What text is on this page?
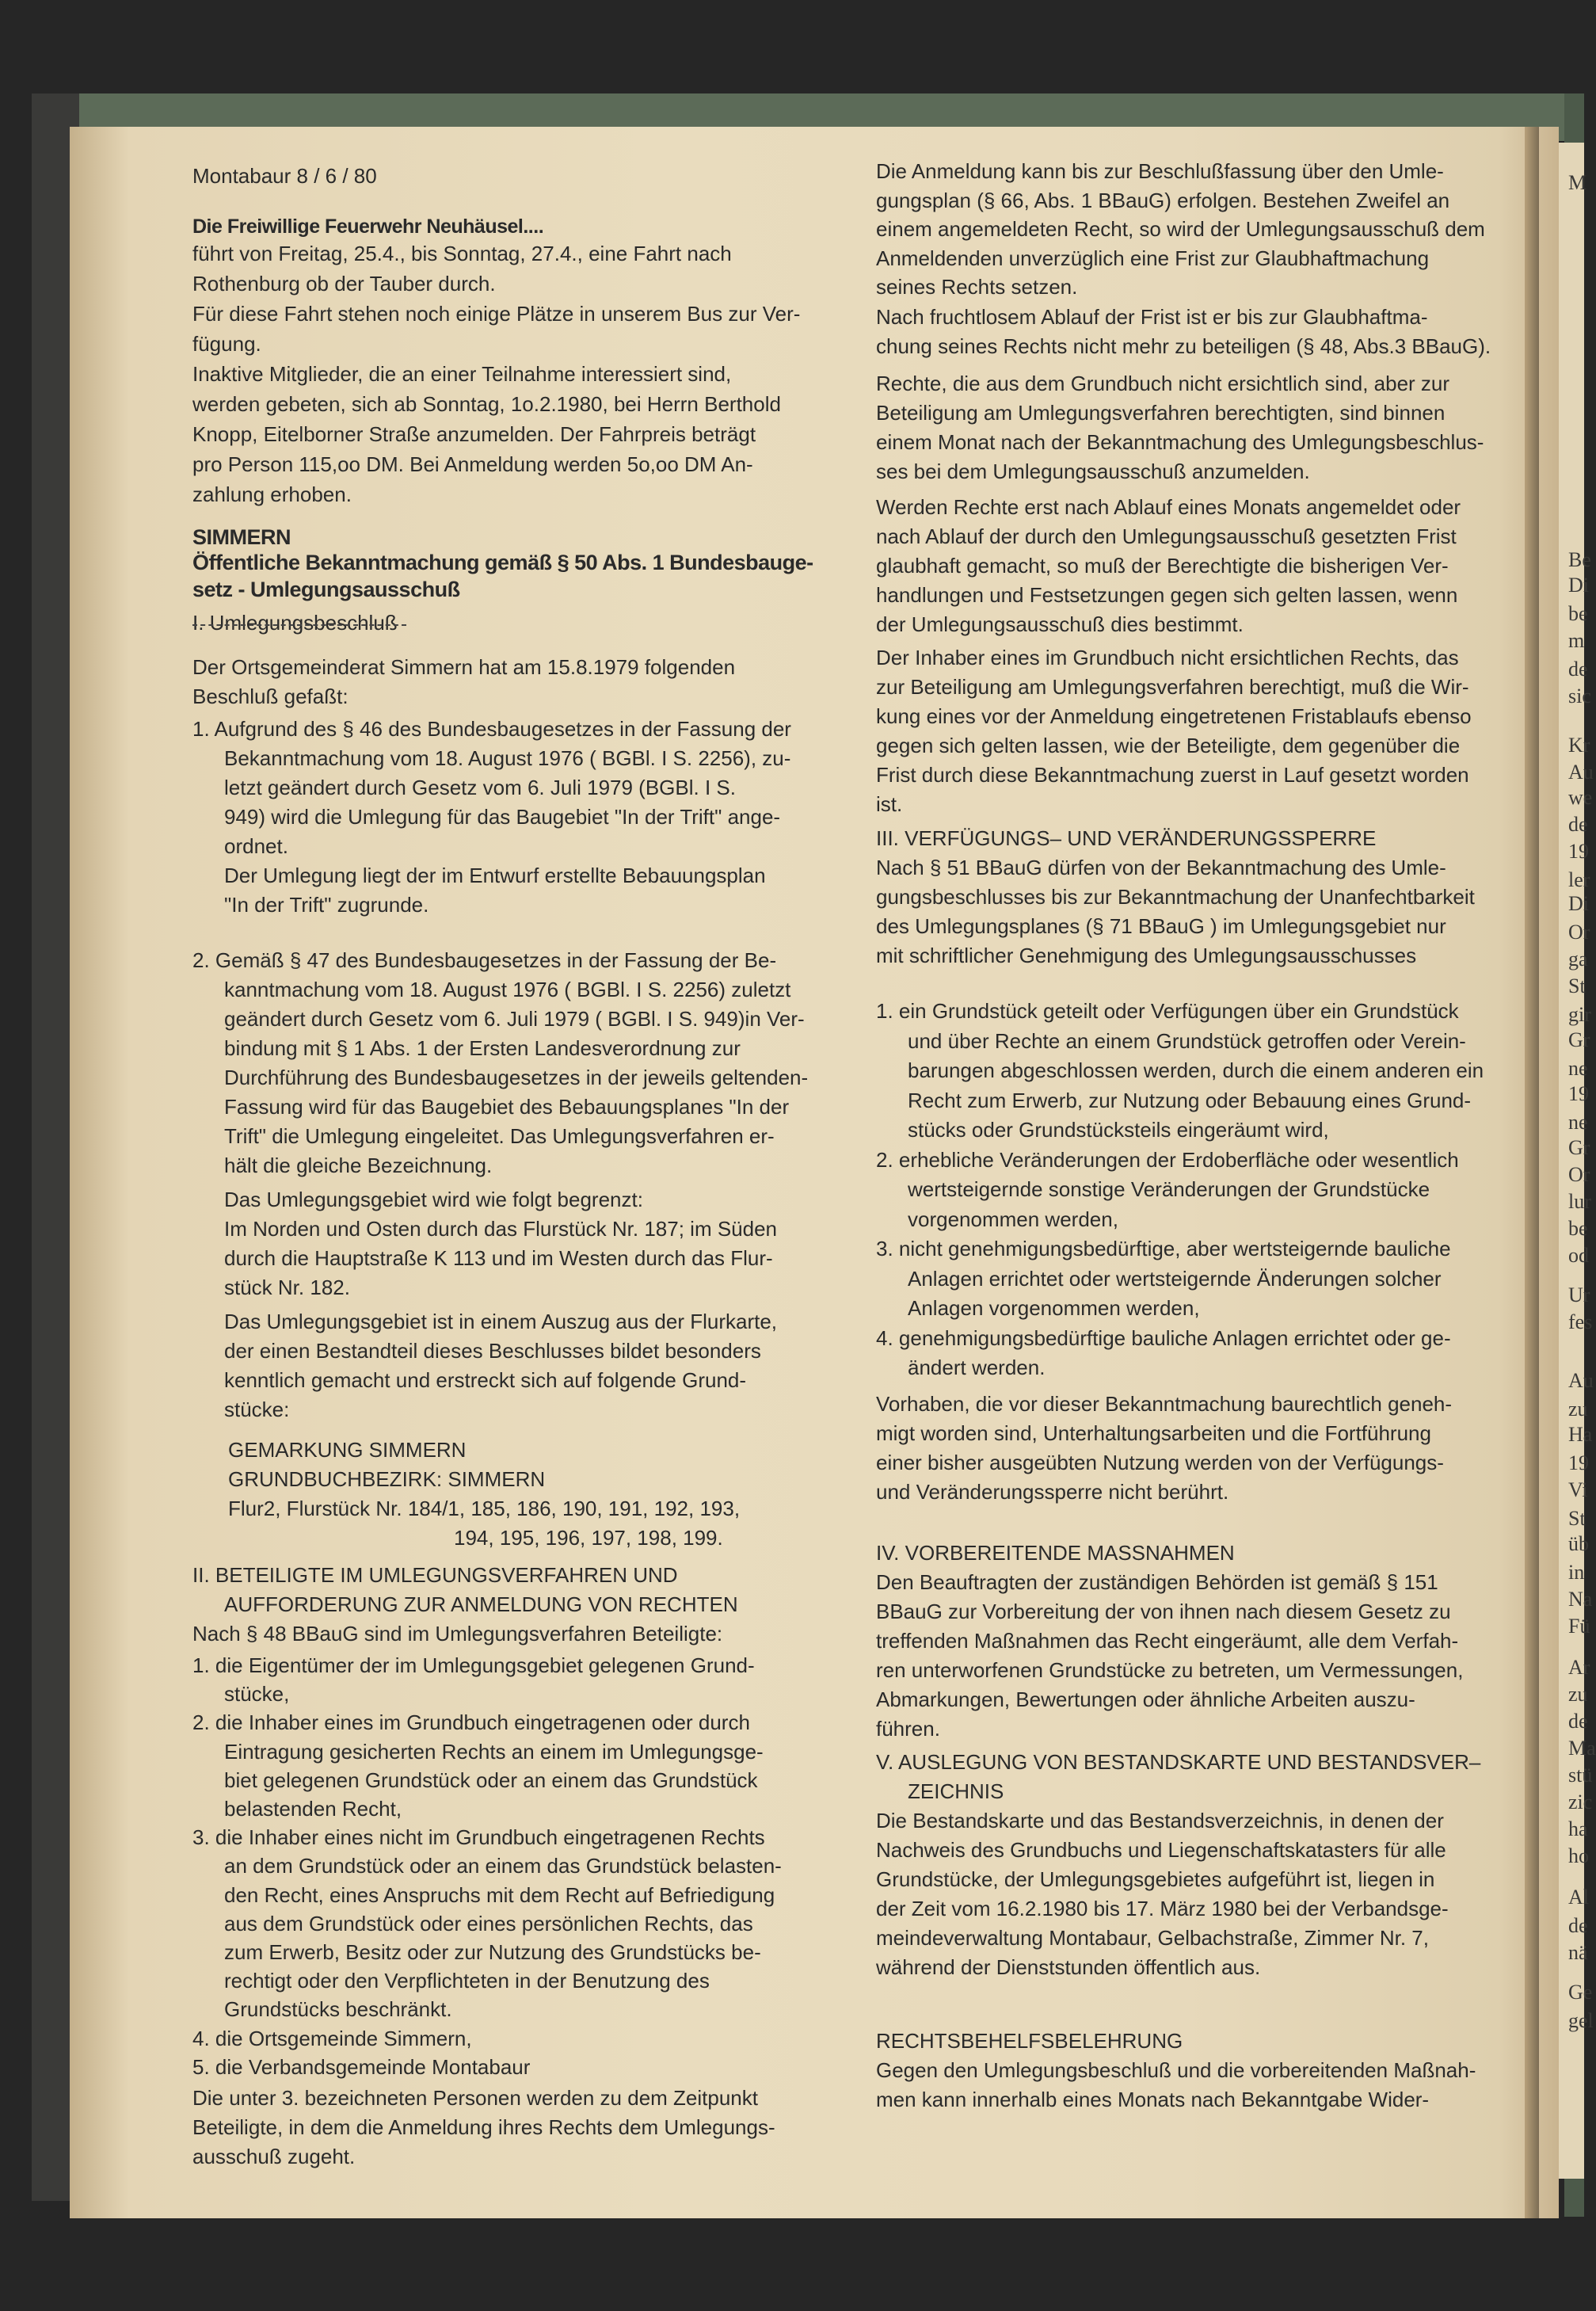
M
Be
Di
be
m
de
sic
Kr
Au
we
de
19
ler
Di
Or
ga
St
gir
Gr
ne
19
ne
Gr
Or
lur
be
od
Ur
fes
Au
zu
Ha
19
Vi
St
üb
in
Na
Fü
Ar
zu
de
Ma
stü
zic
ha
ho
Al
de
nä
Ge
gel
Montabaur 8 / 6 / 80
Die Freiwillige Feuerwehr Neuhäusel....
führt von Freitag, 25.4., bis Sonntag, 27.4., eine Fahrt nach
Rothenburg ob der Tauber durch.
Für diese Fahrt stehen noch einige Plätze in unserem Bus zur Ver-
fügung.
Inaktive Mitglieder, die an einer Teilnahme interessiert sind,
werden gebeten, sich ab Sonntag, 1o.2.1980, bei Herrn Berthold
Knopp, Eitelborner Straße anzumelden. Der Fahrpreis beträgt
pro Person 115,oo DM. Bei Anmeldung werden 5o,oo DM An-
zahlung erhoben.
SIMMERN
Öffentliche Bekanntmachung gemäß § 50 Abs. 1 Bundesbauge-
setz - Umlegungsausschuß
I. Umlegungsbeschluß
Der Ortsgemeinderat Simmern hat am 15.8.1979 folgenden
Beschluß gefaßt:
1. Aufgrund des § 46 des Bundesbaugesetzes in der Fassung der
Bekanntmachung vom 18. August 1976 ( BGBl. I S. 2256), zu-
letzt geändert durch Gesetz vom 6. Juli 1979 (BGBl. I S.
949) wird die Umlegung für das Baugebiet "In der Trift" ange-
ordnet.
Der Umlegung liegt der im Entwurf erstellte Bebauungsplan
"In der Trift" zugrunde.
2. Gemäß § 47 des Bundesbaugesetzes in der Fassung der Be-
kanntmachung vom 18. August 1976 ( BGBl. I S. 2256) zuletzt
geändert durch Gesetz vom 6. Juli 1979 ( BGBl. I S. 949)in Ver-
bindung mit § 1 Abs. 1 der Ersten Landesverordnung zur
Durchführung des Bundesbaugesetzes in der jeweils geltenden-
Fassung wird für das Baugebiet des Bebauungsplanes "In der
Trift" die Umlegung eingeleitet. Das Umlegungsverfahren er-
hält die gleiche Bezeichnung.
Das Umlegungsgebiet wird wie folgt begrenzt:
Im Norden und Osten durch das Flurstück Nr. 187; im Süden
durch die Hauptstraße K 113 und im Westen durch das Flur-
stück Nr. 182.
Das Umlegungsgebiet ist in einem Auszug aus der Flurkarte,
der einen Bestandteil dieses Beschlusses bildet besonders
kenntlich gemacht und erstreckt sich auf folgende Grund-
stücke:
GEMARKUNG SIMMERN
GRUNDBUCHBEZIRK: SIMMERN
Flur2, Flurstück Nr. 184/1, 185, 186, 190, 191, 192, 193,
194, 195, 196, 197, 198, 199.
II. BETEILIGTE IM UMLEGUNGSVERFAHREN UND
AUFFORDERUNG ZUR ANMELDUNG VON RECHTEN
Nach § 48 BBauG sind im Umlegungsverfahren Beteiligte:
1. die Eigentümer der im Umlegungsgebiet gelegenen Grund-
stücke,
2. die Inhaber eines im Grundbuch eingetragenen oder durch
Eintragung gesicherten Rechts an einem im Umlegungsge-
biet gelegenen Grundstück oder an einem das Grundstück
belastenden Recht,
3. die Inhaber eines nicht im Grundbuch eingetragenen Rechts
an dem Grundstück oder an einem das Grundstück belasten-
den Recht, eines Anspruchs mit dem Recht auf Befriedigung
aus dem Grundstück oder eines persönlichen Rechts, das
zum Erwerb, Besitz oder zur Nutzung des Grundstücks be-
rechtigt oder den Verpflichteten in der Benutzung des
Grundstücks beschränkt.
4. die Ortsgemeinde Simmern,
5. die Verbandsgemeinde Montabaur
Die unter 3. bezeichneten Personen werden zu dem Zeitpunkt
Beteiligte, in dem die Anmeldung ihres Rechts dem Umlegungs-
ausschuß zugeht.
Die Anmeldung kann bis zur Beschlußfassung über den Umle-
gungsplan (§ 66, Abs. 1 BBauG) erfolgen. Bestehen Zweifel an
einem angemeldeten Recht, so wird der Umlegungsausschuß dem
Anmeldenden unverzüglich eine Frist zur Glaubhaftmachung
seines Rechts setzen.
Nach fruchtlosem Ablauf der Frist ist er bis zur Glaubhaftma-
chung seines Rechts nicht mehr zu beteiligen (§ 48, Abs.3 BBauG).
Rechte, die aus dem Grundbuch nicht ersichtlich sind, aber zur
Beteiligung am Umlegungsverfahren berechtigten, sind binnen
einem Monat nach der Bekanntmachung des Umlegungsbeschlus-
ses bei dem Umlegungsausschuß anzumelden.
Werden Rechte erst nach Ablauf eines Monats angemeldet oder
nach Ablauf der durch den Umlegungsausschuß gesetzten Frist
glaubhaft gemacht, so muß der Berechtigte die bisherigen Ver-
handlungen und Festsetzungen gegen sich gelten lassen, wenn
der Umlegungsausschuß dies bestimmt.
Der Inhaber eines im Grundbuch nicht ersichtlichen Rechts, das
zur Beteiligung am Umlegungsverfahren berechtigt, muß die Wir-
kung eines vor der Anmeldung eingetretenen Fristablaufs ebenso
gegen sich gelten lassen, wie der Beteiligte, dem gegenüber die
Frist durch diese Bekanntmachung zuerst in Lauf gesetzt worden
ist.
III. VERFÜGUNGS– UND VERÄNDERUNGSSPERRE
Nach § 51 BBauG dürfen von der Bekanntmachung des Umle-
gungsbeschlusses bis zur Bekanntmachung der Unanfechtbarkeit
des Umlegungsplanes (§ 71 BBauG ) im Umlegungsgebiet nur
mit schriftlicher Genehmigung des Umlegungsausschusses
1. ein Grundstück geteilt oder Verfügungen über ein Grundstück
und über Rechte an einem Grundstück getroffen oder Verein-
barungen abgeschlossen werden, durch die einem anderen ein
Recht zum Erwerb, zur Nutzung oder Bebauung eines Grund-
stücks oder Grundstücksteils eingeräumt wird,
2. erhebliche Veränderungen der Erdoberfläche oder wesentlich
wertsteigernde sonstige Veränderungen der Grundstücke
vorgenommen werden,
3. nicht genehmigungsbedürftige, aber wertsteigernde bauliche
Anlagen errichtet oder wertsteigernde Änderungen solcher
Anlagen vorgenommen werden,
4. genehmigungsbedürftige bauliche Anlagen errichtet oder ge-
ändert werden.
Vorhaben, die vor dieser Bekanntmachung baurechtlich geneh-
migt worden sind, Unterhaltungsarbeiten und die Fortführung
einer bisher ausgeübten Nutzung werden von der Verfügungs-
und Veränderungssperre nicht berührt.
IV. VORBEREITENDE MASSNAHMEN
Den Beauftragten der zuständigen Behörden ist gemäß § 151
BBauG zur Vorbereitung der von ihnen nach diesem Gesetz zu
treffenden Maßnahmen das Recht eingeräumt, alle dem Verfah-
ren unterworfenen Grundstücke zu betreten, um Vermessungen,
Abmarkungen, Bewertungen oder ähnliche Arbeiten auszu-
führen.
V. AUSLEGUNG VON BESTANDSKARTE UND BESTANDSVER–
ZEICHNIS
Die Bestandskarte und das Bestandsverzeichnis, in denen der
Nachweis des Grundbuchs und Liegenschaftskatasters für alle
Grundstücke, der Umlegungsgebietes aufgeführt ist, liegen in
der Zeit vom 16.2.1980 bis 17. März 1980 bei der Verbandsge-
meindeverwaltung Montabaur, Gelbachstraße, Zimmer Nr. 7,
während der Dienststunden öffentlich aus.
RECHTSBEHELFSBELEHRUNG
Gegen den Umlegungsbeschluß und die vorbereitenden Maßnah-
men kann innerhalb eines Monats nach Bekanntgabe Wider-
